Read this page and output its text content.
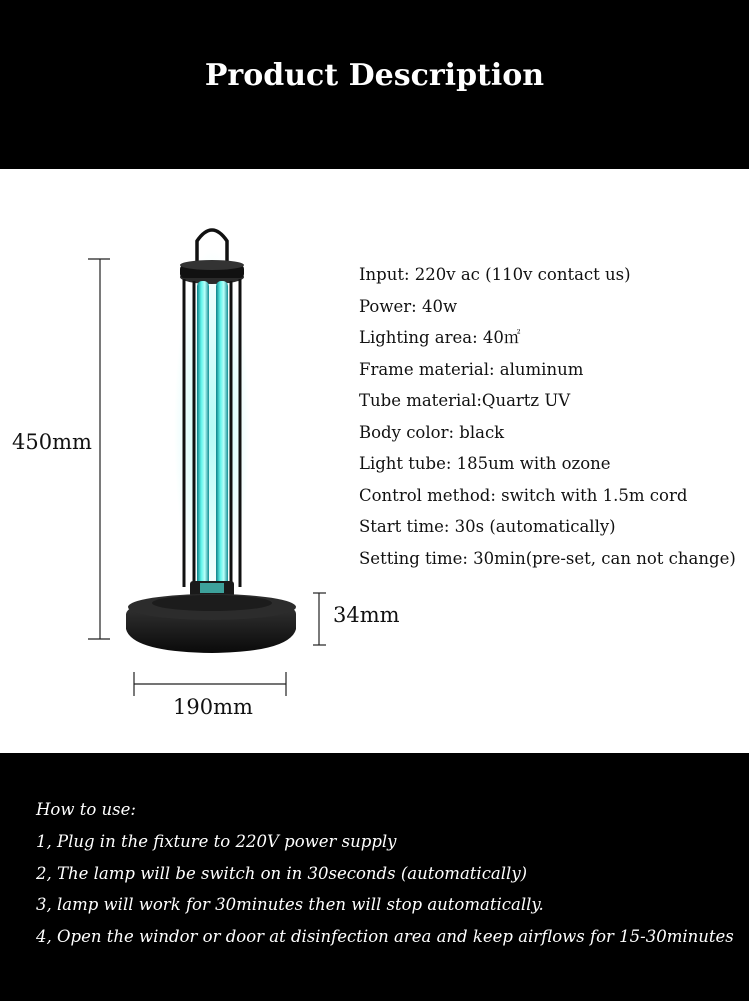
Product Description
450mm
34mm
190mm
Input: 220v ac (110v contact us)
Power: 40w
Lighting area: 40㎡
Frame material: aluminum
Tube material:Quartz UV
Body color: black
Light tube: 185um with ozone
Control method: switch with 1.5m cord
Start time: 30s (automatically)
Setting time: 30min(pre-set, can not change)
How to use:
1, Plug in the fixture to 220V power supply
2, The lamp will be switch on in 30seconds (automatically)
3, lamp will work for 30minutes then will stop automatically.
4, Open the windor or door at disinfection area and keep airflows for 15-30minutes
